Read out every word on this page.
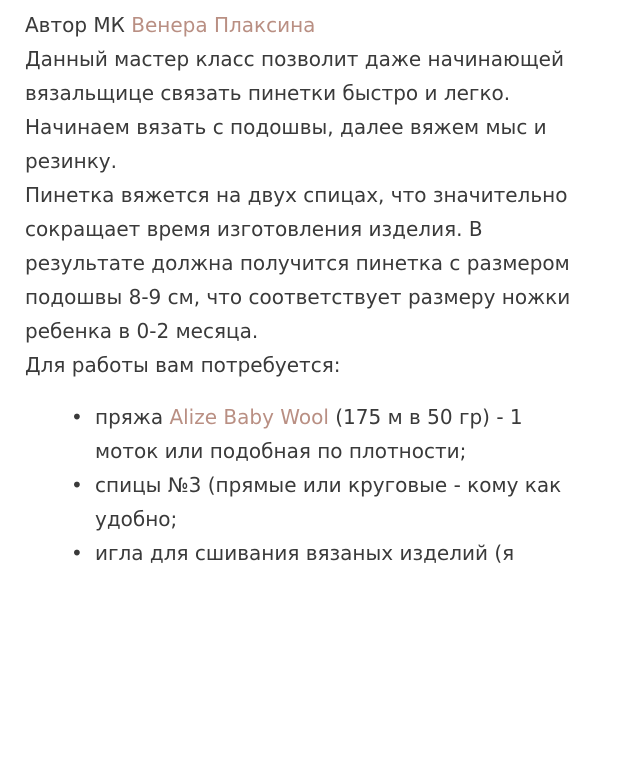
Автор МК Венера Плаксина

Данный мастер класс позволит даже начинающей вязальщице связать пинетки быстро и легко. Начинаем вязать с подошвы, далее вяжем мыс и резинку.

Пинетка вяжется на двух спицах, что значительно сокращает время изготовления изделия. В результате должна получится пинетка с размером подошвы 8-9 см, что соответствует размеру ножки ребенка в 0-2 месяца.

Для работы вам потребуется:

• пряжа Alize Baby Wool (175 м в 50 гр) - 1 моток или подобная по плотности;
• спицы №3 (прямые или круговые - кому как удобно;
• игла для сшивания вязаных изделий (я
